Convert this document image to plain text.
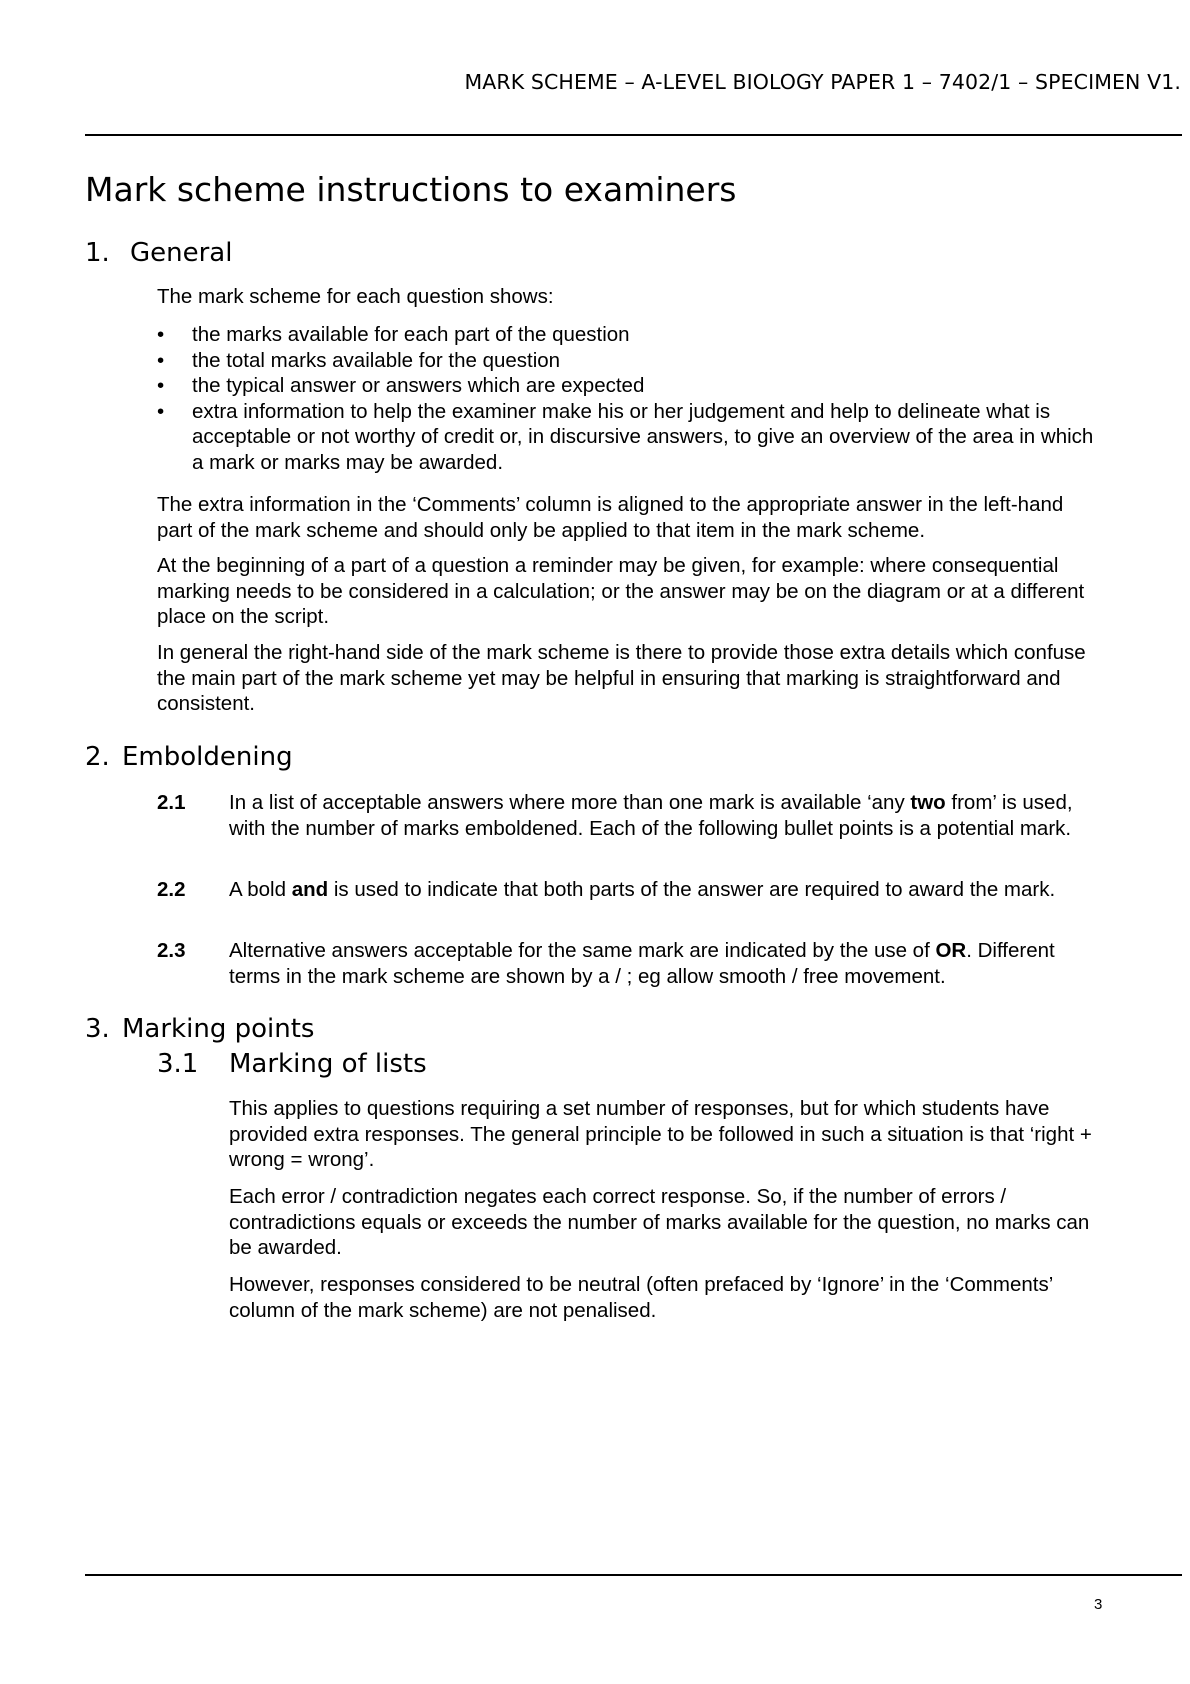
MARK SCHEME – A-LEVEL BIOLOGY PAPER 1 – 7402/1 – SPECIMEN V1.
Mark scheme instructions to examiners
1. General

The mark scheme for each question shows:

• the marks available for each part of the question
• the total marks available for the question
• the typical answer or answers which are expected
• extra information to help the examiner make his or her judgement and help to delineate what is acceptable or not worthy of credit or, in discursive answers, to give an overview of the area in which a mark or marks may be awarded.

The extra information in the ‘Comments’ column is aligned to the appropriate answer in the left-hand part of the mark scheme and should only be applied to that item in the mark scheme.

At the beginning of a part of a question a reminder may be given, for example: where consequential marking needs to be considered in a calculation; or the answer may be on the diagram or at a different place on the script.

In general the right-hand side of the mark scheme is there to provide those extra details which confuse the main part of the mark scheme yet may be helpful in ensuring that marking is straightforward and consistent.

2. Emboldening
2.1 In a list of acceptable answers where more than one mark is available ‘any two from’ is used, with the number of marks emboldened. Each of the following bullet points is a potential mark.
2.2 A bold and is used to indicate that both parts of the answer are required to award the mark.
2.3 Alternative answers acceptable for the same mark are indicated by the use of OR. Different terms in the mark scheme are shown by a / ; eg allow smooth / free movement.
3. Marking points
3.1 Marking of lists

This applies to questions requiring a set number of responses, but for which students have provided extra responses. The general principle to be followed in such a situation is that ‘right + wrong = wrong’.

Each error / contradiction negates each correct response. So, if the number of errors / contradictions equals or exceeds the number of marks available for the question, no marks can be awarded.

However, responses considered to be neutral (often prefaced by ‘Ignore’ in the ‘Comments’ column of the mark scheme) are not penalised.

3
